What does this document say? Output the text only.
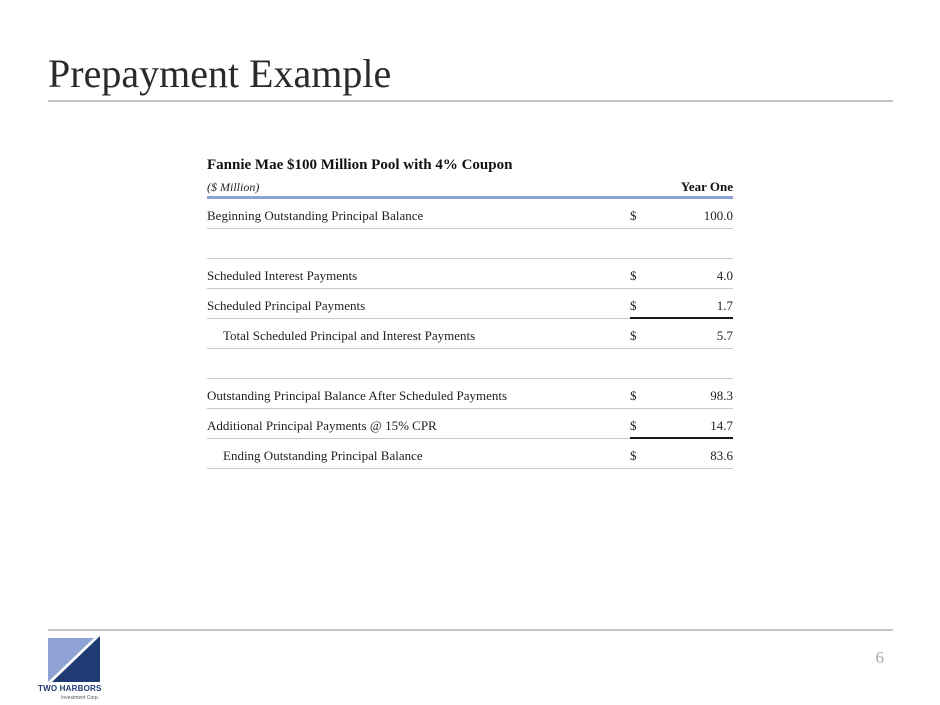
Prepayment Example
Fannie Mae $100 Million Pool with 4% Coupon
($ Million)	Year One
Beginning Outstanding Principal Balance	$	100.0
Scheduled Interest Payments	$	4.0
Scheduled Principal Payments	$	1.7
Total Scheduled Principal and Interest Payments	$	5.7
Outstanding Principal Balance After Scheduled Payments	$	98.3
Additional Principal Payments @ 15% CPR	$	14.7
Ending Outstanding Principal Balance	$	83.6
6
TWO HARBORS
Investment Corp.
